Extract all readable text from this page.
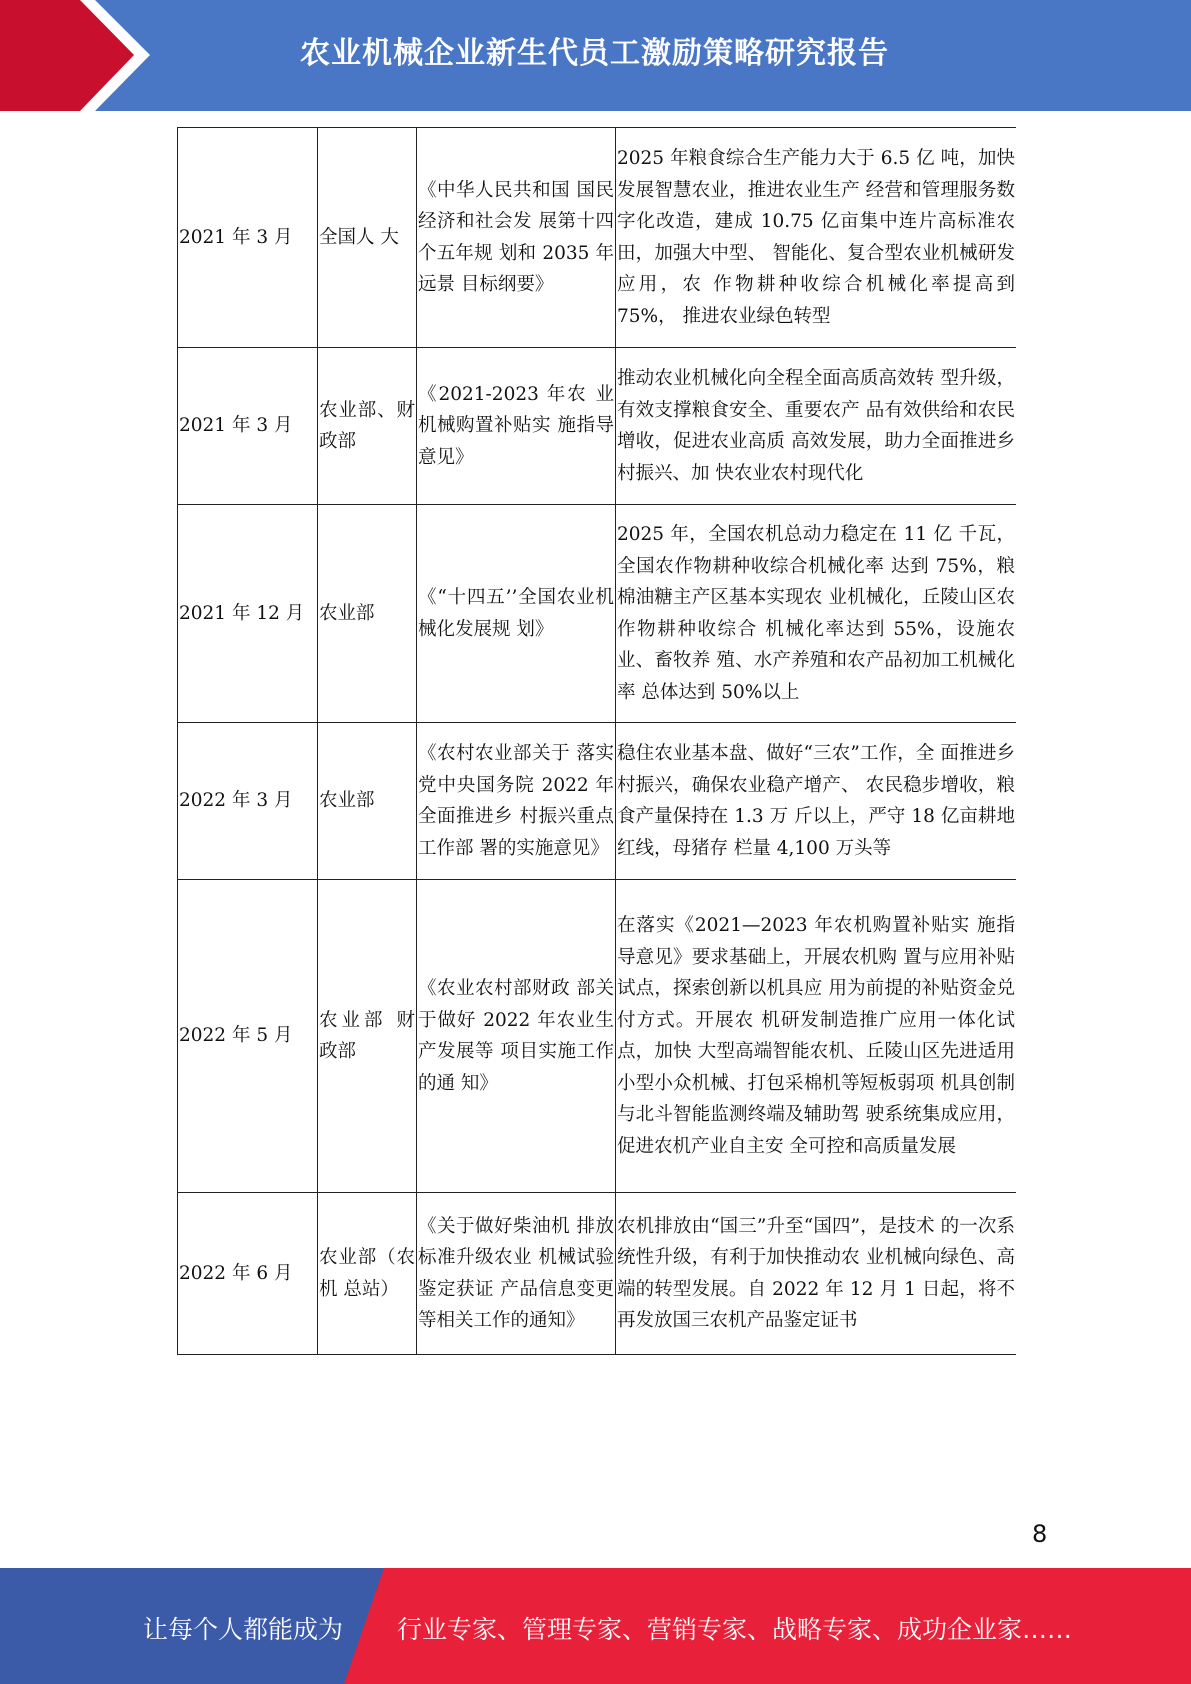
农业机械企业新生代员工激励策略研究报告
2021 年 3 月	全国人 大	《中华人民共和国 国民经济和社会发 展第十四个五年规 划和 2035 年远景 目标纲要》	2025 年粮食综合生产能力大于 6.5 亿 吨，加快发展智慧农业，推进农业生产 经营和管理服务数字化改造，建成 10.75 亿亩集中连片高标准农田，加强大中型、 智能化、复合型农业机械研发应用，农 作物耕种收综合机械化率提高到 75%， 推进农业绿色转型
2021 年 3 月	农业部、财政部	《2021-2023 年农 业机械购置补贴实 施指导意见》	推动农业机械化向全程全面高质高效转 型升级，有效支撑粮食安全、重要农产 品有效供给和农民增收，促进农业高质 高效发展，助力全面推进乡村振兴、加 快农业农村现代化
2021 年 12 月	农业部	《“十四五’’全国农业机械化发展规 划》	2025 年，全国农机总动力稳定在 11 亿 千瓦，全国农作物耕种收综合机械化率 达到 75%，粮棉油糖主产区基本实现农 业机械化，丘陵山区农作物耕种收综合 机械化率达到 55%，设施农业、畜牧养 殖、水产养殖和农产品初加工机械化率 总体达到 50%以上
2022 年 3 月	农业部	《农村农业部关于 落实党中央国务院 2022 年全面推进乡 村振兴重点工作部 署的实施意见》	稳住农业基本盘、做好“三农”工作，全 面推进乡村振兴，确保农业稳产增产、 农民稳步增收，粮食产量保持在 1.3 万 斤以上，严守 18 亿亩耕地红线，母猪存 栏量 4,100 万头等
2022 年 5 月	农业部 财政部	《农业农村部财政 部关于做好 2022 年农业生产发展等 项目实施工作的通 知》	在落实《2021—2023 年农机购置补贴实 施指导意见》要求基础上，开展农机购 置与应用补贴试点，探索创新以机具应 用为前提的补贴资金兑付方式。开展农 机研发制造推广应用一体化试点，加快 大型高端智能农机、丘陵山区先进适用 小型小众机械、打包采棉机等短板弱项 机具创制与北斗智能监测终端及辅助驾 驶系统集成应用，促进农机产业自主安 全可控和高质量发展
2022 年 6 月	农业部（农机 总站）	《关于做好柴油机 排放标准升级农业 机械试验鉴定获证 产品信息变更等相关工作的通知》	农机排放由“国三”升至“国四”，是技术 的一次系统性升级，有利于加快推动农 业机械向绿色、高端的转型发展。自 2022 年 12 月 1 日起，将不再发放国三农机产品鉴定证书
8
让每个人都能成为 行业专家、管理专家、营销专家、战略专家、成功企业家……
